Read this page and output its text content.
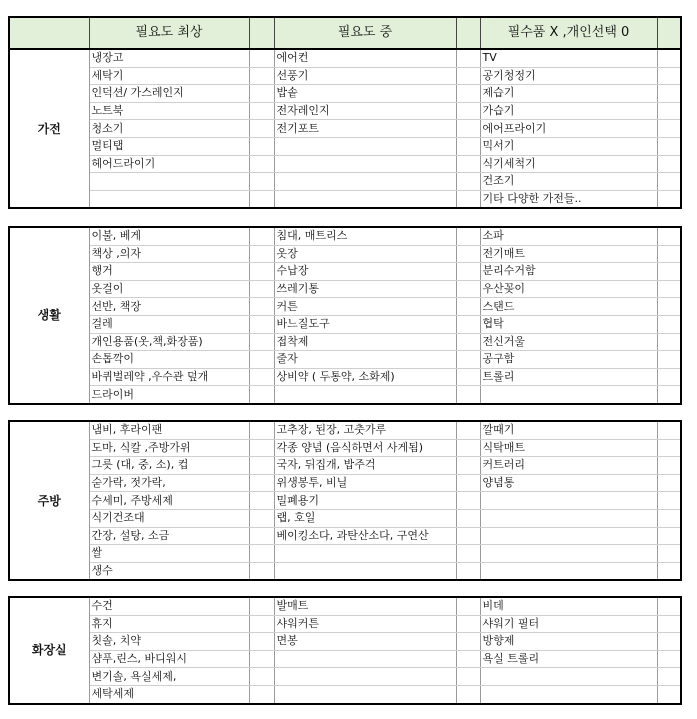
	필요도 최상		필요도 중		필수품 X ,개인선택 0	
가전	냉장고		에어컨		TV	
	세탁기		선풍기		공기청정기	
	인덕션/ 가스레인지		밥솥		제습기	
	노트북		전자레인지		가습기	
	청소기		전기포트		에어프라이기	
	멀티탭				믹서기	
	헤어드라이기				식기세척기	
					건조기	
					기타 다양한 가전들..	
생활	이불, 베게		침대, 매트리스		소파	
	책상 ,의자		옷장		전기매트	
	행거		수납장		분리수거함	
	옷걸이		쓰레기통		우산꽂이	
	선반, 책장		커튼		스탠드	
	걸레		바느질도구		협탁	
	개인용품(옷,책,화장품)		접착제		전신거울	
	손톱깍이		줄자		공구함	
	바퀴벌레약 ,우수관 덮개		상비약 ( 두통약, 소화제)		트롤리	
	드라이버					
주방	냄비, 후라이팬		고추장, 된장, 고춧가루		깔때기	
	도마, 식칼 ,주방가위		각종 양념 (음식하면서 사게됨)		식탁매트	
	그릇 (대, 중, 소), 컵		국자, 뒤집개, 밥주걱		커트러리	
	숟가락, 젓가락,		위생봉투, 비닐		양념통	
	수세미, 주방세제		밀폐용기			
	식기건조대		랩, 호일			
	간장, 설탕, 소금		베이킹소다, 과탄산소다, 구연산			
	쌀					
	생수					
화장실	수건		발매트		비데	
	휴지		샤워커튼		샤워기 필터	
	칫솔, 치약		면봉		방향제	
	샴푸,린스, 바디워시				욕실 트롤리	
	변기솔, 욕실세제,					
	세탁세제					
